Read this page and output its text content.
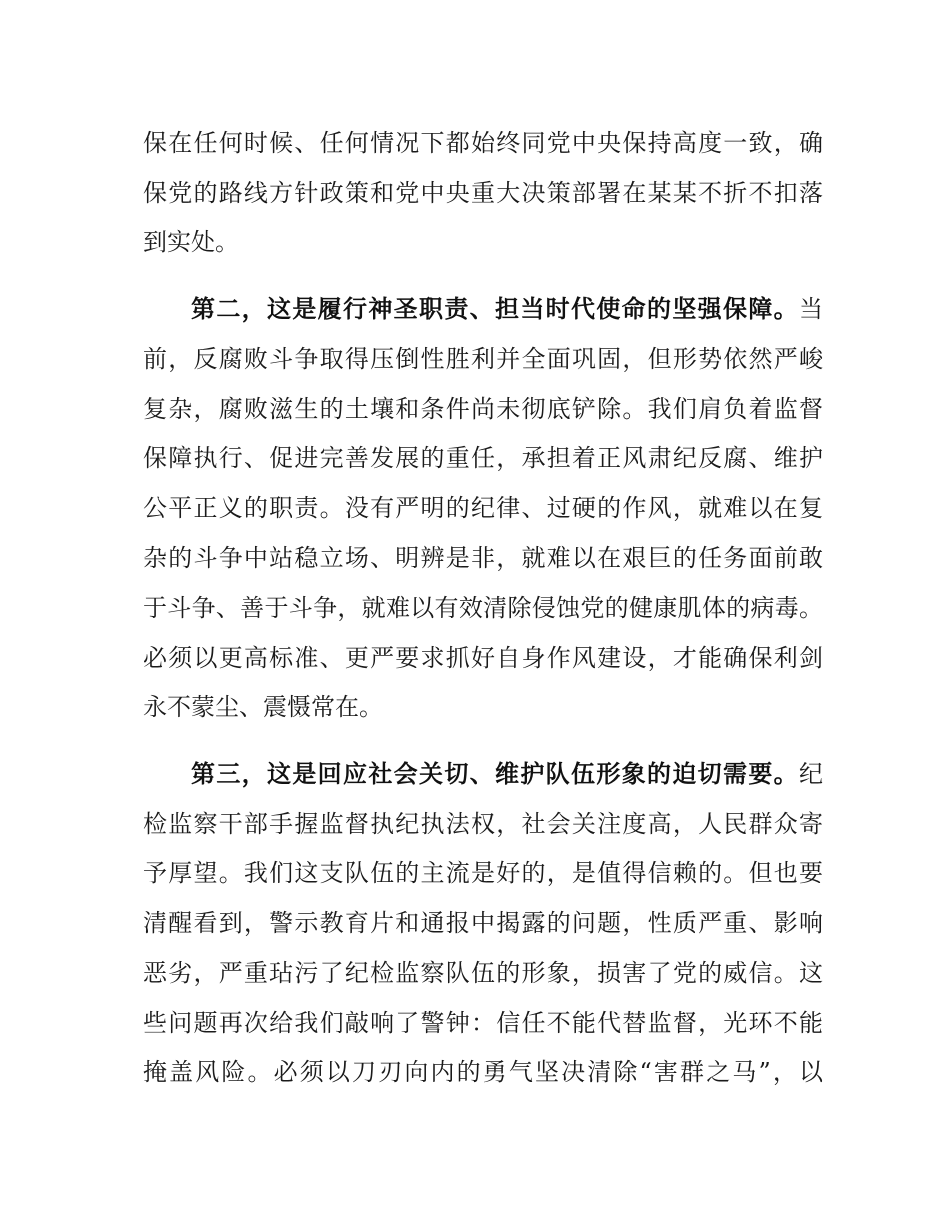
保在任何时候、任何情况下都始终同党中央保持高度一致，确
保党的路线方针政策和党中央重大决策部署在某某不折不扣落
到实处。
第二，这是履行神圣职责、担当时代使命的坚强保障。当
前，反腐败斗争取得压倒性胜利并全面巩固，但形势依然严峻
复杂，腐败滋生的土壤和条件尚未彻底铲除。我们肩负着监督
保障执行、促进完善发展的重任，承担着正风肃纪反腐、维护
公平正义的职责。没有严明的纪律、过硬的作风，就难以在复
杂的斗争中站稳立场、明辨是非，就难以在艰巨的任务面前敢
于斗争、善于斗争，就难以有效清除侵蚀党的健康肌体的病毒。
必须以更高标准、更严要求抓好自身作风建设，才能确保利剑
永不蒙尘、震慑常在。
第三，这是回应社会关切、维护队伍形象的迫切需要。纪
检监察干部手握监督执纪执法权，社会关注度高，人民群众寄
予厚望。我们这支队伍的主流是好的，是值得信赖的。但也要
清醒看到，警示教育片和通报中揭露的问题，性质严重、影响
恶劣，严重玷污了纪检监察队伍的形象，损害了党的威信。这
些问题再次给我们敲响了警钟：信任不能代替监督，光环不能
掩盖风险。必须以刀刃向内的勇气坚决清除“害群之马”，以
